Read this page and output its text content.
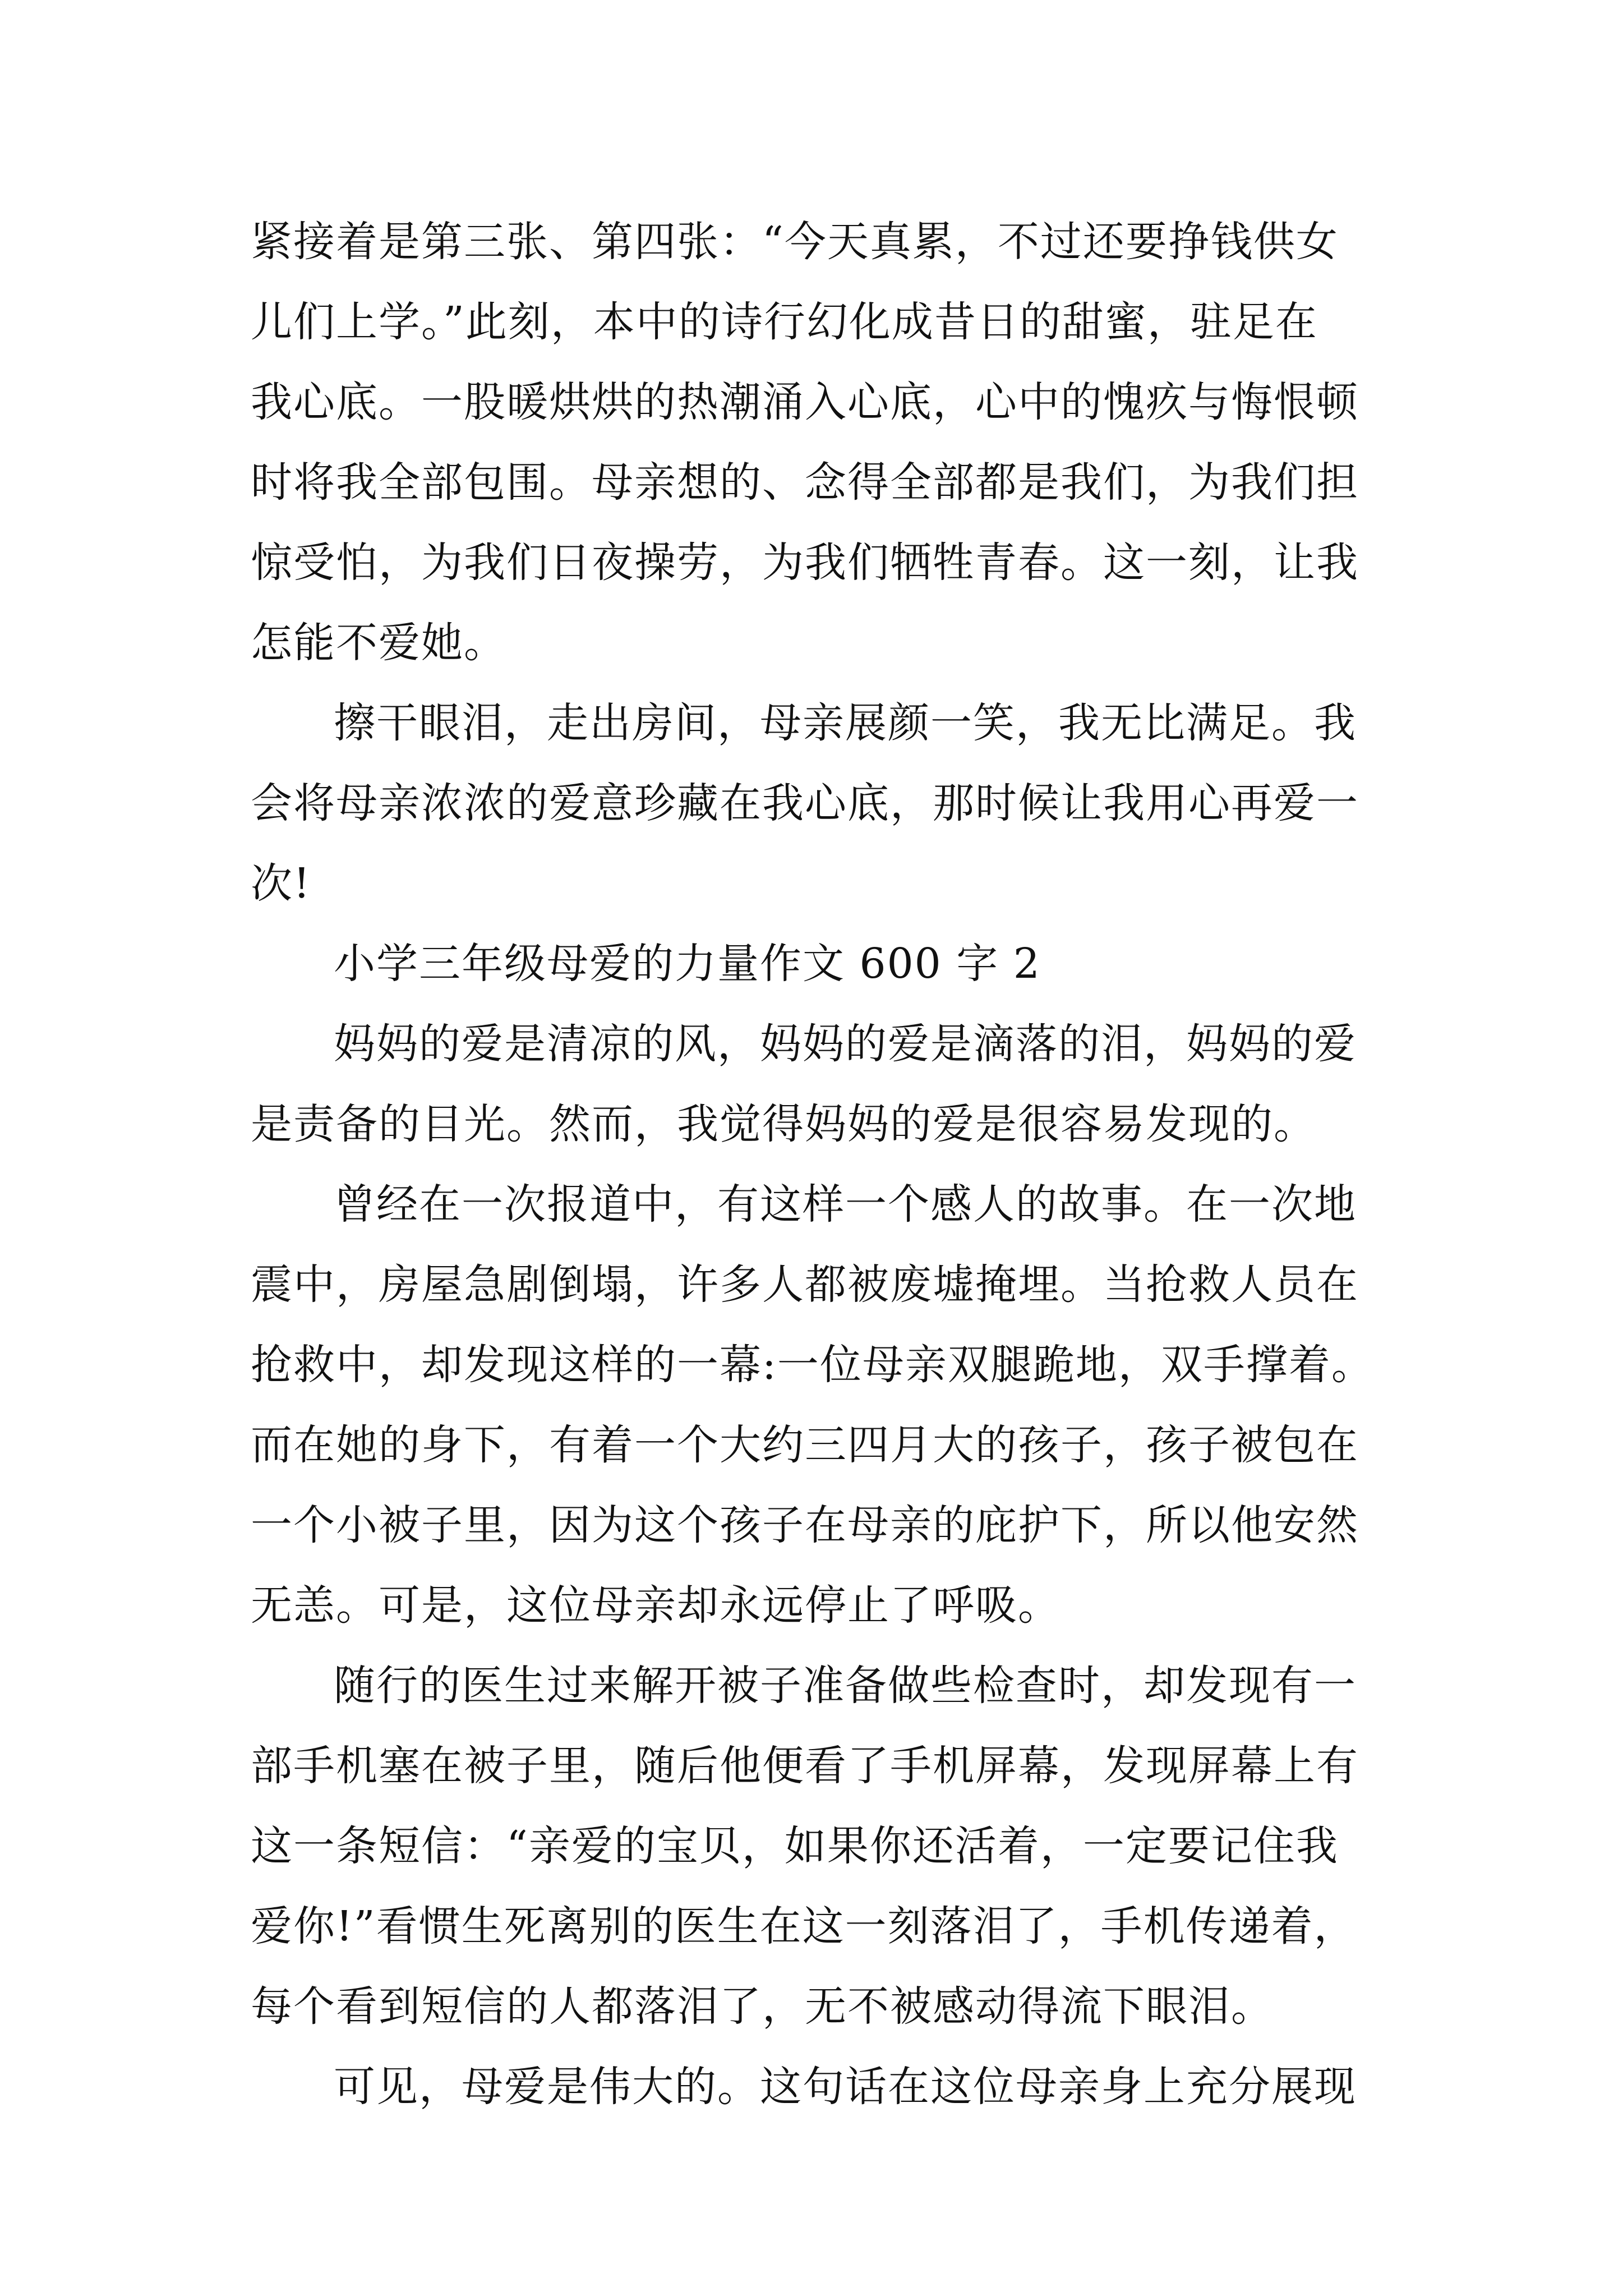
紧接着是第三张、第四张：“今天真累，不过还要挣钱供女
儿们上学。”此刻，本中的诗行幻化成昔日的甜蜜，驻足在
我心底。一股暖烘烘的热潮涌入心底，心中的愧疚与悔恨顿
时将我全部包围。母亲想的、念得全部都是我们，为我们担
惊受怕，为我们日夜操劳，为我们牺牲青春。这一刻，让我
怎能不爱她。
擦干眼泪，走出房间，母亲展颜一笑，我无比满足。我
会将母亲浓浓的爱意珍藏在我心底，那时候让我用心再爱一
次!
小学三年级母爱的力量作文 600 字 2
妈妈的爱是清凉的风，妈妈的爱是滴落的泪，妈妈的爱
是责备的目光。然而，我觉得妈妈的爱是很容易发现的。
曾经在一次报道中，有这样一个感人的故事。在一次地
震中，房屋急剧倒塌，许多人都被废墟掩埋。当抢救人员在
抢救中，却发现这样的一幕:一位母亲双腿跪地，双手撑着。
而在她的身下，有着一个大约三四月大的孩子，孩子被包在
一个小被子里，因为这个孩子在母亲的庇护下，所以他安然
无恙。可是，这位母亲却永远停止了呼吸。
随行的医生过来解开被子准备做些检查时，却发现有一
部手机塞在被子里，随后他便看了手机屏幕，发现屏幕上有
这一条短信：“亲爱的宝贝，如果你还活着，一定要记住我
爱你!”看惯生死离别的医生在这一刻落泪了，手机传递着，
每个看到短信的人都落泪了，无不被感动得流下眼泪。
可见，母爱是伟大的。这句话在这位母亲身上充分展现
